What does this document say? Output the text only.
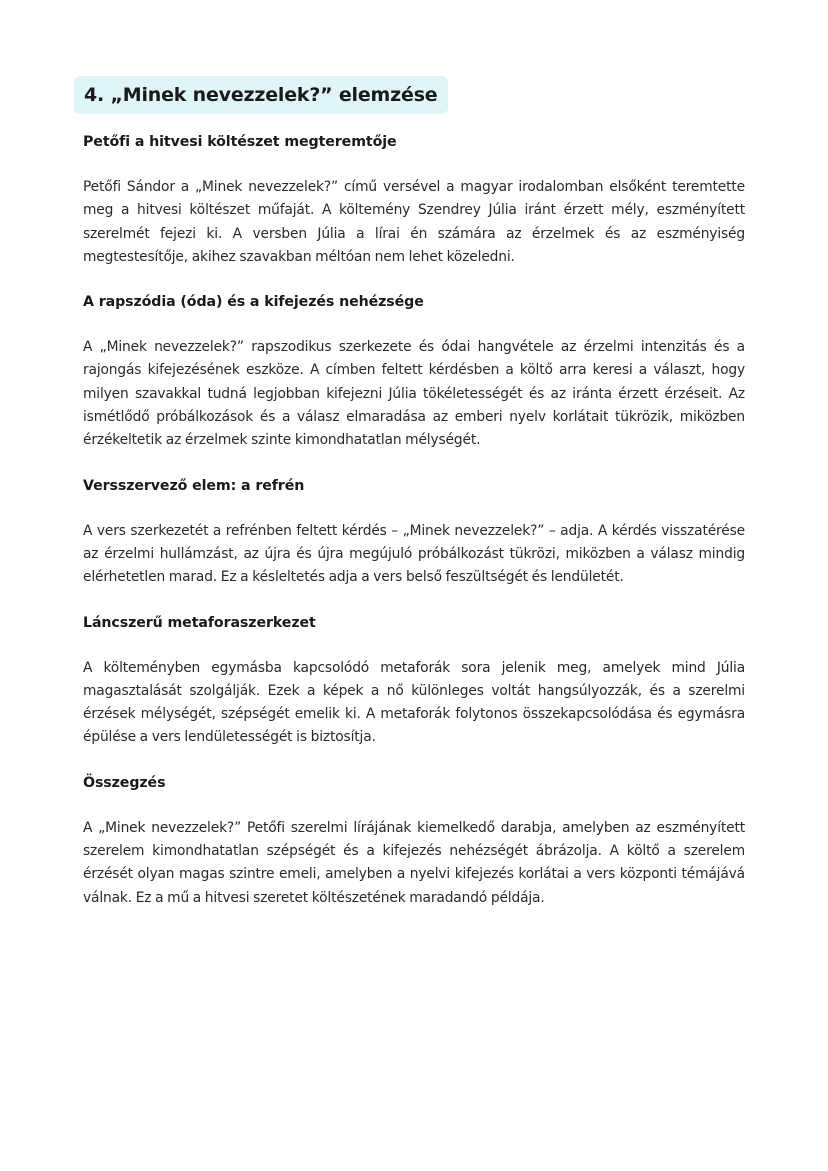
4. „Minek nevezzelek?” elemzése
Petőfi a hitvesi költészet megteremtője

Petőfi Sándor a „Minek nevezzelek?” című versével a magyar irodalomban elsőként teremtette meg a hitvesi költészet műfaját. A költemény Szendrey Júlia iránt érzett mély, eszményített szerelmét fejezi ki. A versben Júlia a lírai én számára az érzelmek és az eszményiség megtestesítője, akihez szavakban méltóan nem lehet közeledni.

A rapszódia (óda) és a kifejezés nehézsége

A „Minek nevezzelek?” rapszodikus szerkezete és ódai hangvétele az érzelmi intenzitás és a rajongás kifejezésének eszköze. A címben feltett kérdésben a költő arra keresi a választ, hogy milyen szavakkal tudná legjobban kifejezni Júlia tökéletességét és az iránta érzett érzéseit. Az ismétlődő próbálkozások és a válasz elmaradása az emberi nyelv korlátait tükrözik, miközben érzékeltetik az érzelmek szinte kimondhatatlan mélységét.

Versszervező elem: a refrén

A vers szerkezetét a refrénben feltett kérdés – „Minek nevezzelek?” – adja. A kérdés visszatérése az érzelmi hullámzást, az újra és újra megújuló próbálkozást tükrözi, miközben a válasz mindig elérhetetlen marad. Ez a késleltetés adja a vers belső feszültségét és lendületét.

Láncszerű metaforaszerkezet

A költeményben egymásba kapcsolódó metaforák sora jelenik meg, amelyek mind Júlia magasztalását szolgálják. Ezek a képek a nő különleges voltát hangsúlyozzák, és a szerelmi érzések mélységét, szépségét emelik ki. A metaforák folytonos összekapcsolódása és egymásra épülése a vers lendületességét is biztosítja.

Összegzés

A „Minek nevezzelek?” Petőfi szerelmi lírájának kiemelkedő darabja, amelyben az eszményített szerelem kimondhatatlan szépségét és a kifejezés nehézségét ábrázolja. A költő a szerelem érzését olyan magas szintre emeli, amelyben a nyelvi kifejezés korlátai a vers központi témájává válnak. Ez a mű a hitvesi szeretet költészetének maradandó példája.
